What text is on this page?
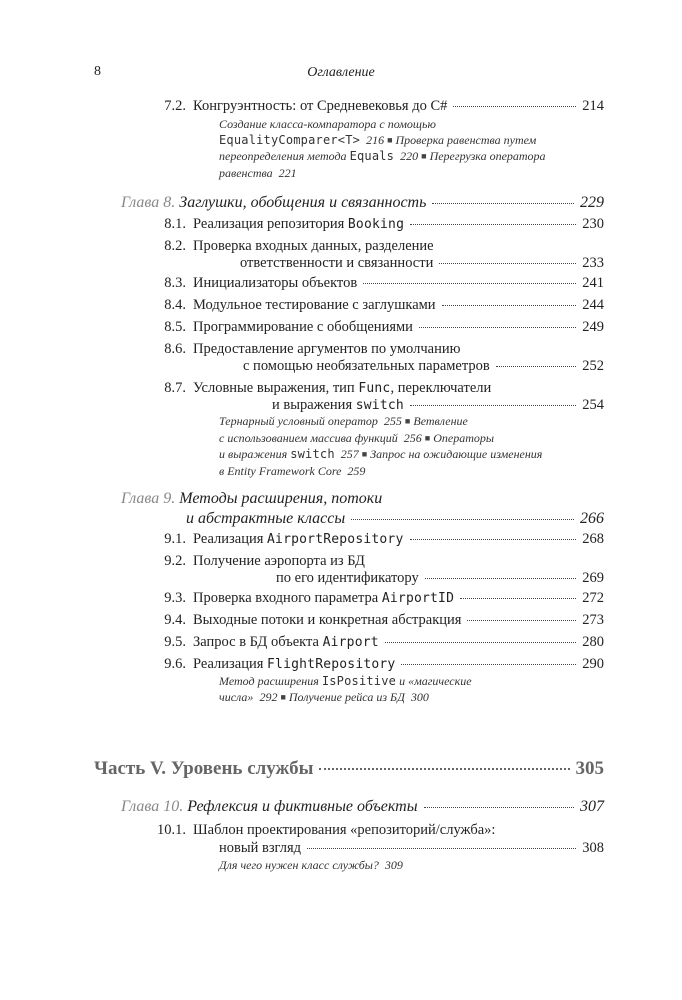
8	Оглавление
7.2. Конгруэнтность: от Средневековья до C#	214
Создание класса-компаратора с помощью
EqualityComparer<T> 216 ■ Проверка равенства путем
переопределения метода Equals 220 ■ Перегрузка оператора
равенства 221
Глава 8.
Заглушки, обобщения и связанность	229
8.1. Реализация репозитория Booking	230
8.2. Проверка входных данных, разделение
ответственности и связанности	233
8.3. Инициализаторы объектов	241
8.4. Модульное тестирование с заглушками	244
8.5. Программирование с обобщениями	249
8.6. Предоставление аргументов по умолчанию
с помощью необязательных параметров	252
8.7. Условные выражения, тип Func, переключатели
и выражения switch	254
Тернарный условный оператор 255 ■ Ветвление
с использованием массива функций 256 ■ Операторы
и выражения switch 257 ■ Запрос на ожидающие изменения
в Entity Framework Core 259
Глава 9.
Методы расширения, потоки
и абстрактные классы	266
9.1. Реализация AirportRepository	268
9.2. Получение аэропорта из БД
по его идентификатору	269
9.3. Проверка входного параметра AirportID	272
9.4. Выходные потоки и конкретная абстракция	273
9.5. Запрос в БД объекта Airport	280
9.6. Реализация FlightRepository	290
Метод расширения IsPositive и «магические
числа» 292 ■ Получение рейса из БД 300
Часть V. Уровень службы	305
Глава 10.
Рефлексия и фиктивные объекты	307
10.1. Шаблон проектирования «репозиторий/служба»:
новый взгляд	308
Для чего нужен класс службы? 309
